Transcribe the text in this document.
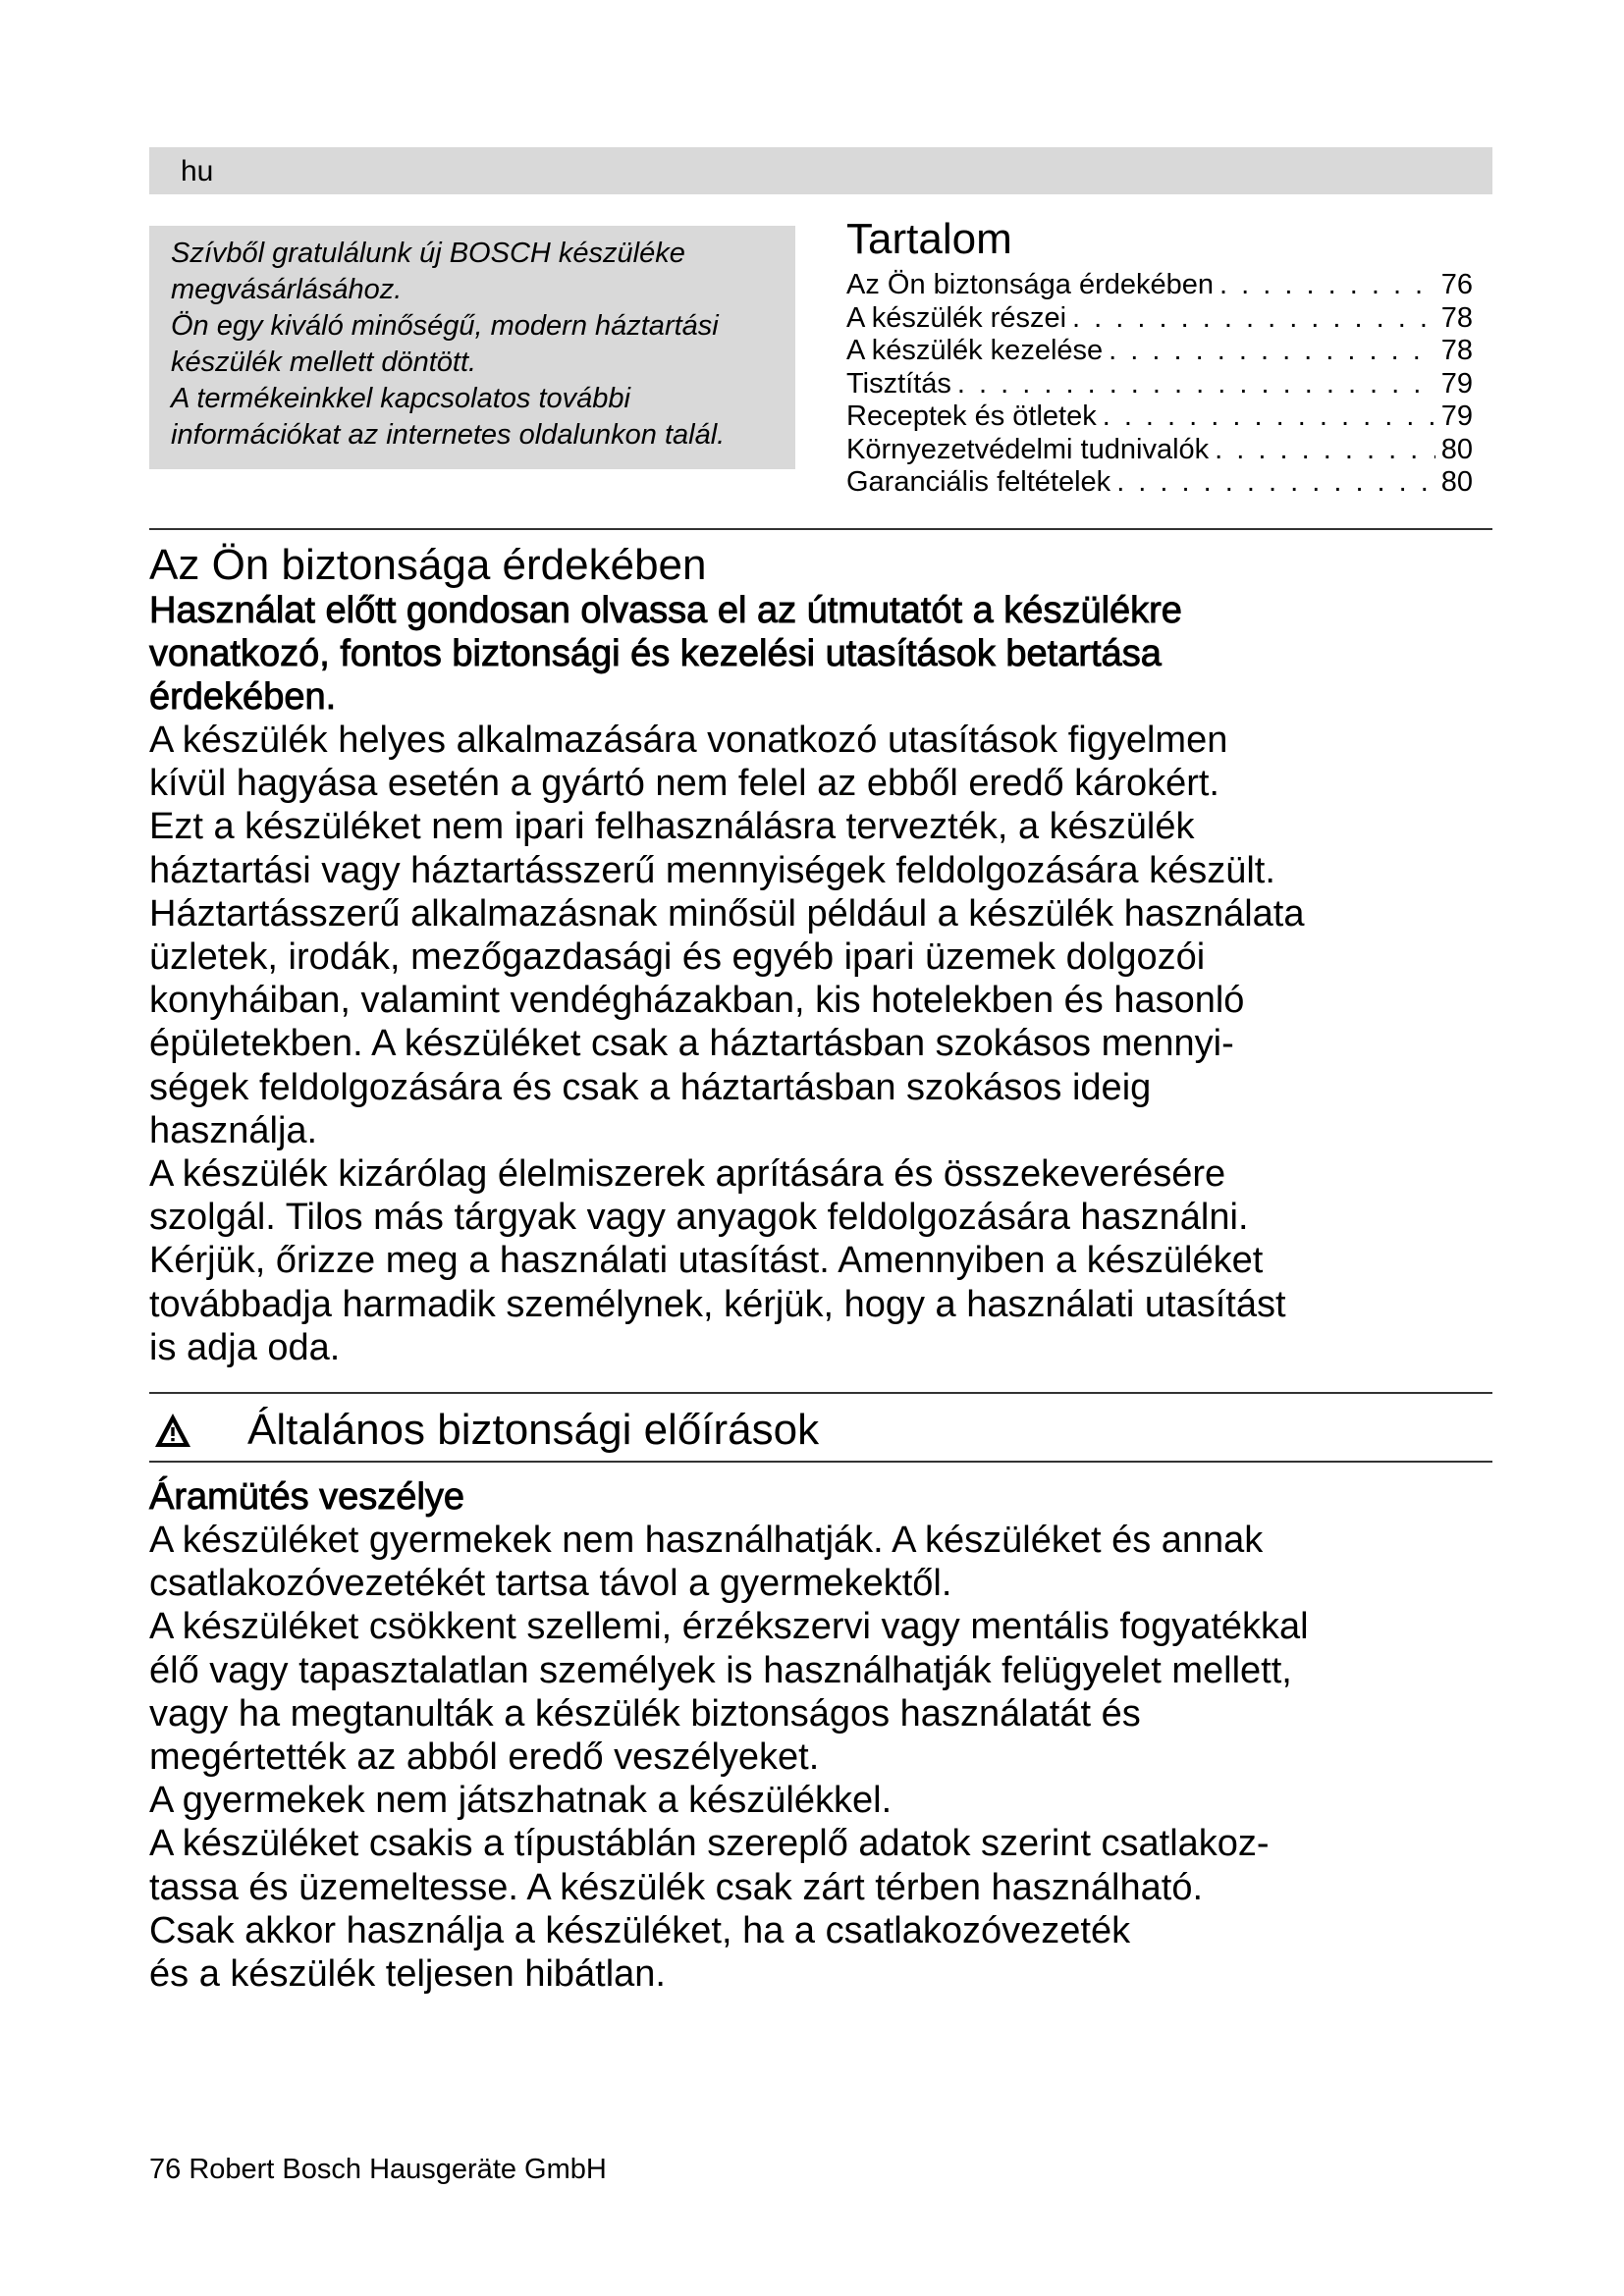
hu
Szívből gratulálunk új BOSCH készüléke
megvásárlásához.
Ön egy kiváló minőségű, modern háztartási
készülék mellett döntött.
A termékeinkkel kapcsolatos további
információkat az internetes oldalunkon talál.
Tartalom
Az Ön biztonsága érdekében . . .	76
A készülék részei . . .	78
A készülék kezelése . . .	78
Tisztítás . . .	79
Receptek és ötletek . . .	79
Környezetvédelmi tudnivalók . . .	80
Garanciális feltételek . . .	80
Az Ön biztonsága érdekében
Használat előtt gondosan olvassa el az útmutatót a készülékre
vonatkozó, fontos biztonsági és kezelési utasítások betartása
érdekében.
A készülék helyes alkalmazására vonatkozó utasítások figyelmen
kívül hagyása esetén a gyártó nem felel az ebből eredő károkért.
Ezt a készüléket nem ipari felhasználásra tervezték, a készülék
háztartási vagy háztartásszerű mennyiségek feldolgozására készült.
Háztartásszerű alkalmazásnak minősül például a készülék használata
üzletek, irodák, mezőgazdasági és egyéb ipari üzemek dolgozói
konyháiban, valamint vendégházakban, kis hotelekben és hasonló
épületekben. A készüléket csak a háztartásban szokásos mennyi-
ségek feldolgozására és csak a háztartásban szokásos ideig
használja.
A készülék kizárólag élelmiszerek aprítására és összekeverésére
szolgál. Tilos más tárgyak vagy anyagok feldolgozására használni.
Kérjük, őrizze meg a használati utasítást. Amennyiben a készüléket
továbbadja harmadik személynek, kérjük, hogy a használati utasítást
is adja oda.
Általános biztonsági előírások
Áramütés veszélye
A készüléket gyermekek nem használhatják. A készüléket és annak
csatlakozóvezetékét tartsa távol a gyermekektől.
A készüléket csökkent szellemi, érzékszervi vagy mentális fogyatékkal
élő vagy tapasztalatlan személyek is használhatják felügyelet mellett,
vagy ha megtanulták a készülék biztonságos használatát és
megértették az abból eredő veszélyeket.
A gyermekek nem játszhatnak a készülékkel.
A készüléket csakis a típustáblán szereplő adatok szerint csatlakoz-
tassa és üzemeltesse. A készülék csak zárt térben használható.
Csak akkor használja a készüléket, ha a csatlakozóvezeték
és a készülék teljesen hibátlan.
76 Robert Bosch Hausgeräte GmbH
